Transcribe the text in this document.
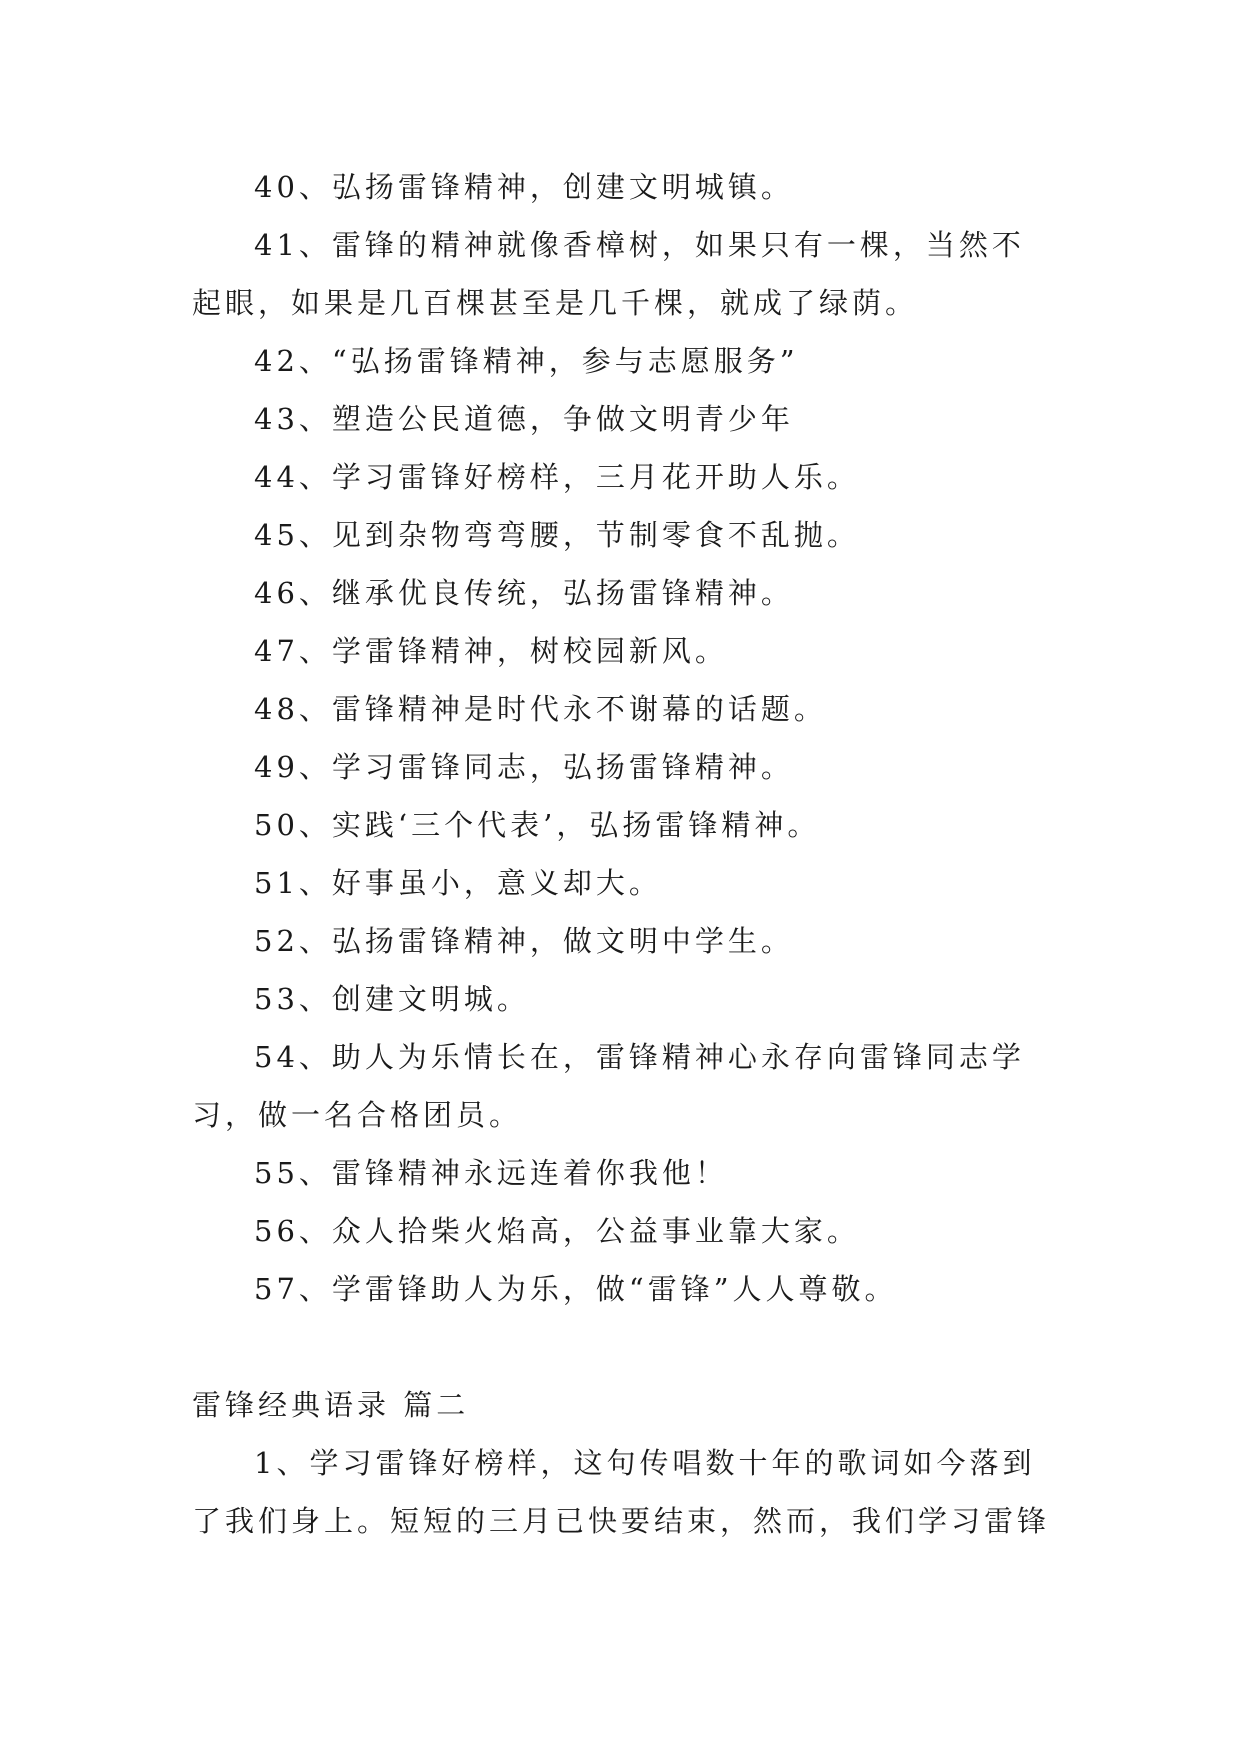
40、弘扬雷锋精神，创建文明城镇。

41、雷锋的精神就像香樟树，如果只有一棵，当然不起眼，如果是几百棵甚至是几千棵，就成了绿荫。

42、“弘扬雷锋精神，参与志愿服务”

43、塑造公民道德，争做文明青少年

44、学习雷锋好榜样，三月花开助人乐。

45、见到杂物弯弯腰，节制零食不乱抛。

46、继承优良传统，弘扬雷锋精神。

47、学雷锋精神，树校园新风。

48、雷锋精神是时代永不谢幕的话题。

49、学习雷锋同志，弘扬雷锋精神。

50、实践‘三个代表’，弘扬雷锋精神。

51、好事虽小，意义却大。

52、弘扬雷锋精神，做文明中学生。

53、创建文明城。

54、助人为乐情长在，雷锋精神心永存向雷锋同志学习，做一名合格团员。

55、雷锋精神永远连着你我他！

56、众人拾柴火焰高，公益事业靠大家。

57、学雷锋助人为乐，做“雷锋”人人尊敬。

雷锋经典语录 篇二

1、学习雷锋好榜样，这句传唱数十年的歌词如今落到了我们身上。短短的三月已快要结束，然而，我们学习雷锋
